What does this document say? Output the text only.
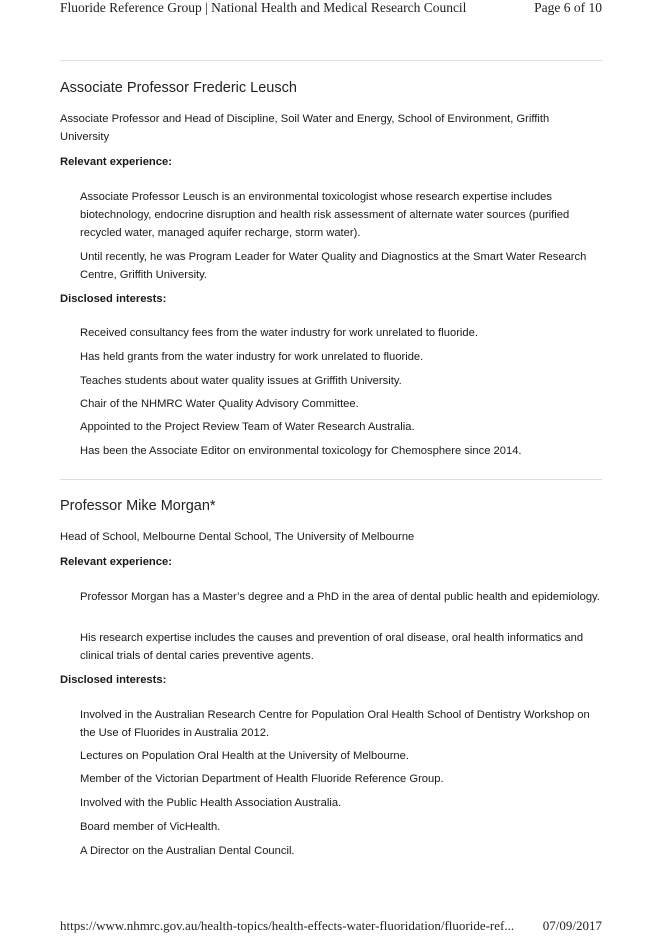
Fluoride Reference Group | National Health and Medical Research Council	Page 6 of 10
Associate Professor Frederic Leusch

Associate Professor and Head of Discipline, Soil Water and Energy, School of Environment, Griffith University

Relevant experience:

Associate Professor Leusch is an environmental toxicologist whose research expertise includes biotechnology, endocrine disruption and health risk assessment of alternate water sources (purified recycled water, managed aquifer recharge, storm water).

Until recently, he was Program Leader for Water Quality and Diagnostics at the Smart Water Research Centre, Griffith University.

Disclosed interests:

Received consultancy fees from the water industry for work unrelated to fluoride.

Has held grants from the water industry for work unrelated to fluoride.

Teaches students about water quality issues at Griffith University.

Chair of the NHMRC Water Quality Advisory Committee.

Appointed to the Project Review Team of Water Research Australia.

Has been the Associate Editor on environmental toxicology for Chemosphere since 2014.

Professor Mike Morgan*

Head of School, Melbourne Dental School, The University of Melbourne

Relevant experience:

Professor Morgan has a Master’s degree and a PhD in the area of dental public health and epidemiology.

His research expertise includes the causes and prevention of oral disease, oral health informatics and clinical trials of dental caries preventive agents.

Disclosed interests:

Involved in the Australian Research Centre for Population Oral Health School of Dentistry Workshop on the Use of Fluorides in Australia 2012.

Lectures on Population Oral Health at the University of Melbourne.

Member of the Victorian Department of Health Fluoride Reference Group.

Involved with the Public Health Association Australia.

Board member of VicHealth.

A Director on the Australian Dental Council.

https://www.nhmrc.gov.au/health-topics/health-effects-water-fluoridation/fluoride-ref... 07/09/2017
